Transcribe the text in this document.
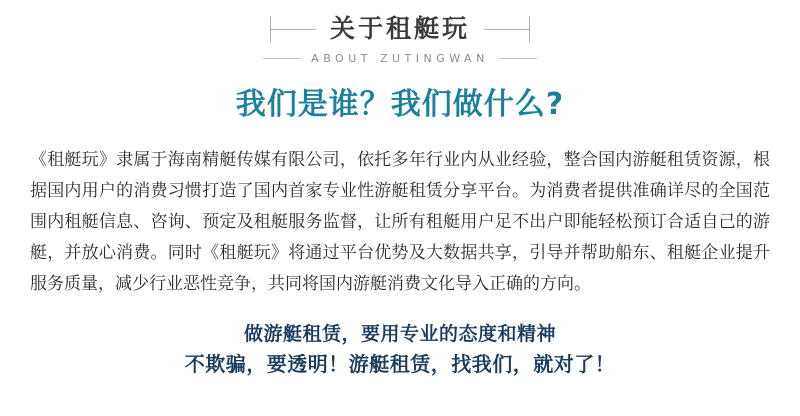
关于租艇玩
ABOUT ZUTINGWAN
我们是谁？我们做什么?
《租艇玩》隶属于海南精艇传媒有限公司，依托多年行业内从业经验，整合国内游艇租赁资源，根据国内用户的消费习惯打造了国内首家专业性游艇租赁分享平台。为消费者提供准确详尽的全国范围内租艇信息、咨询、预定及租艇服务监督，让所有租艇用户足不出户即能轻松预订合适自己的游艇，并放心消费。同时《租艇玩》将通过平台优势及大数据共享，引导并帮助船东、租艇企业提升服务质量，减少行业恶性竞争，共同将国内游艇消费文化导入正确的方向。
做游艇租赁，要用专业的态度和精神
不欺骗，要透明！游艇租赁，找我们，就对了！
